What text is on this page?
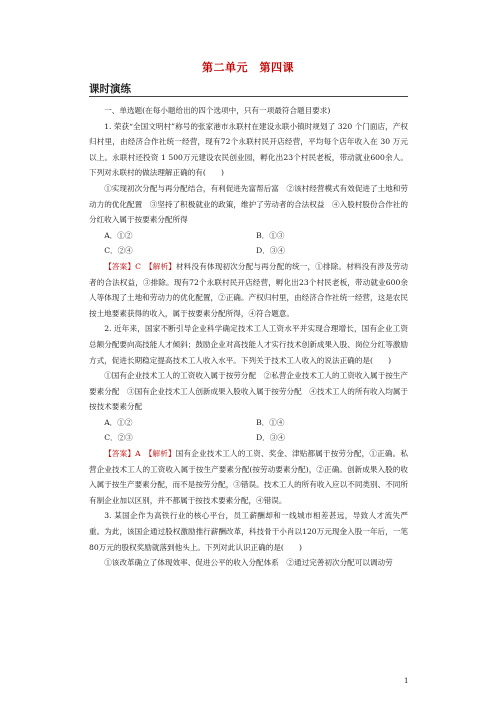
第二单元　第四课
课时演练

一、单选题(在每小题给出的四个选项中，只有一项最符合题目要求)

1. 荣获“全国文明村”称号的张家港市永联村在建设永联小镇时规划了 320 个门面店，产权归村里，由经济合作社统一经营，现有72个永联村民开店经营，平均每个店年收入在 30 万元以上。永联村还投资 1 500万元建设农民创业园，孵化出23个村民老板，带动就业600余人。下列对永联村的做法理解正确的有(　　)

①实现初次分配与再分配结合，有利促进先富帮后富　②该村经营模式有效促进了土地和劳动力的优化配置　③坚持了积极就业的政策，维护了劳动者的合法权益　④入股村股份合作社的分红收入属于按要素分配所得

A．①②	B．①③
C．②④	D．③④

【答案】C　【解析】材料没有体现初次分配与再分配的统一，①排除。材料没有涉及劳动者的合法权益，③排除。现有72个永联村民开店经营，孵化出23个村民老板，带动就业600余人等体现了土地和劳动力的优化配置，②正确。产权归村里，由经济合作社统一经营，这是农民按土地要素获得的收入，属于按要素分配所得，④符合题意。

2. 近年来，国家不断引导企业科学确定技术工人工资水平并实现合理增长，国有企业工资总额分配要向高技能人才倾斜；鼓励企业对高技能人才实行技术创新成果入股、岗位分红等激励方式，促进长期稳定提高技术工人收入水平。下列关于技术工人收入的说法正确的是(　　)

①国有企业技术工人的工资收入属于按劳分配　②私营企业技术工人的工资收入属于按生产要素分配　③国有企业技术工人创新成果入股收入属于按劳分配　④技术工人的所有收入均属于按技术要素分配

A．①②	B．①④
C．②③	D．③④

【答案】A　【解析】国有企业技术工人的工资、奖金、津贴都属于按劳分配，①正确。私营企业技术工人的工资收入属于按生产要素分配(按劳动要素分配)，②正确。创新成果入股的收入属于按生产要素分配，而不是按劳分配，③错误。技术工人的所有收入应以不同类别、不同所有制企业加以区别，并不都属于按技术要素分配，④错误。

3. 某国企作为高铁行业的核心平台，员工薪酬却和一线城市相差甚远，导致人才流失严重。为此，该国企通过股权激励推行薪酬改革，科技骨干小肖以120万元现金入股一年后，一笔80万元的股权奖励就落到他头上。下列对此认识正确的是(　　)

①该改革确立了体现效率、促进公平的收入分配体系　②通过完善初次分配可以调动劳

1
